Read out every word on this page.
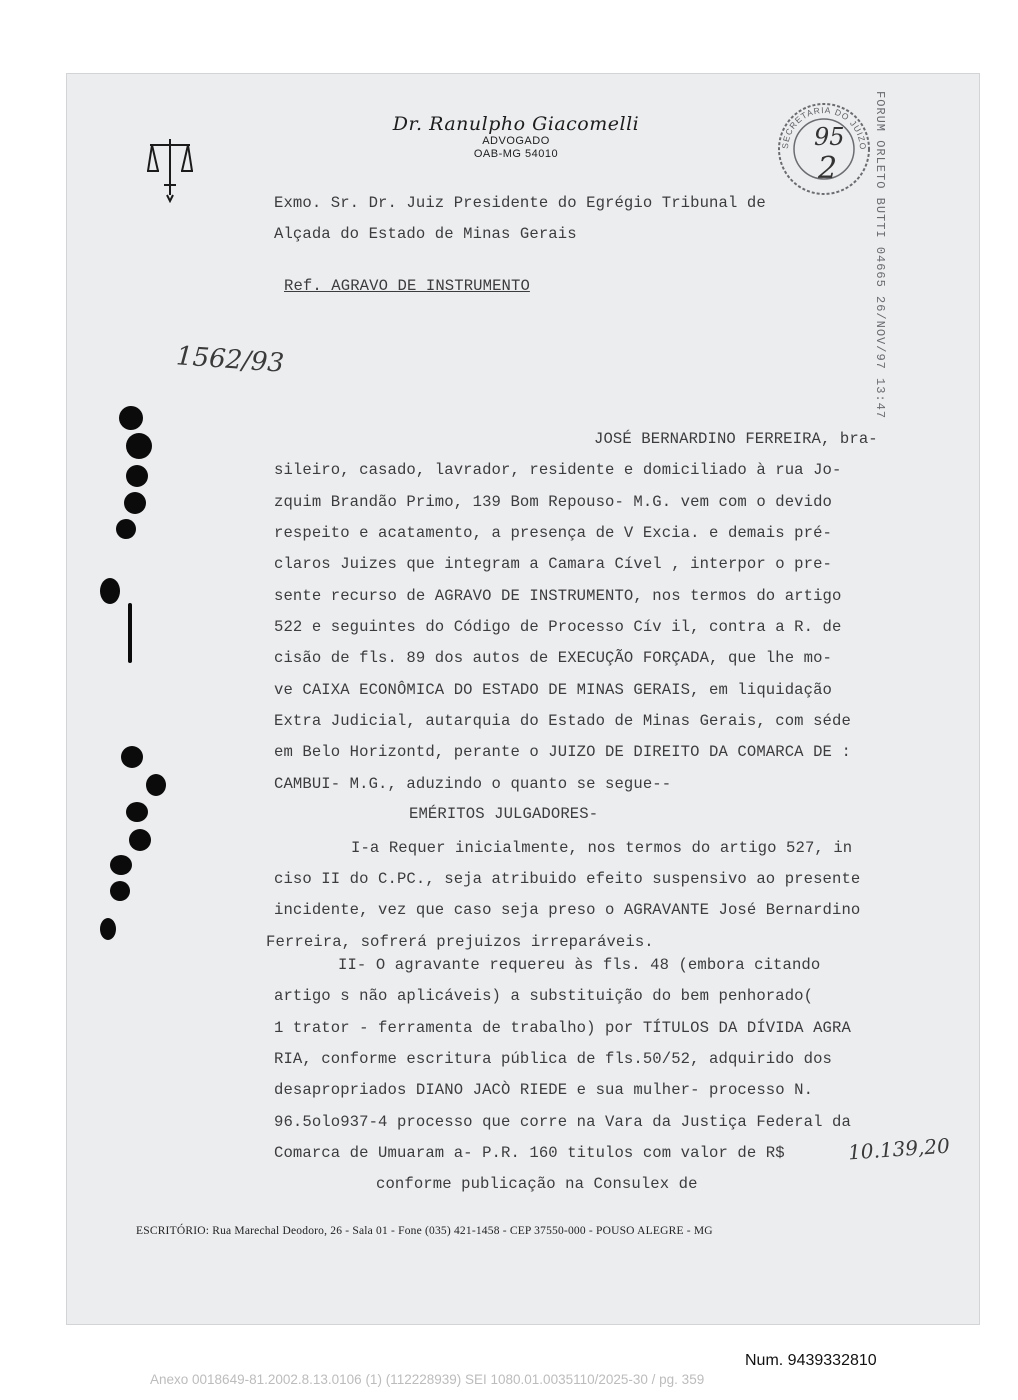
Dr. Ranulpho Giacomelli
ADVOGADO
OAB-MG 54010
SECRETARIA DO JUIZO
95
2	FORUM ORLETO BUTTI 04665 26/NOV/97 13:47
Exmo. Sr. Dr. Juiz Presidente do Egrégio Tribunal de
Alçada do Estado de Minas Gerais
Ref. AGRAVO DE INSTRUMENTO
1562/93
JOSÉ BERNARDINO FERREIRA, bra-
sileiro, casado, lavrador, residente e domiciliado à rua Jo-
zquim Brandão Primo, 139 Bom Repouso- M.G. vem com o devido
respeito e acatamento, a presença de V Excia. e demais pré-
claros Juizes que integram a Camara Cível , interpor o pre-
sente recurso de AGRAVO DE INSTRUMENTO, nos termos do artigo
522 e seguintes do Código de Processo Cív il, contra a R. de
cisão de fls. 89 dos autos de EXECUÇÃO FORÇADA, que lhe mo-
ve CAIXA ECONÔMICA DO ESTADO DE MINAS GERAIS, em liquidação
Extra Judicial, autarquia do Estado de Minas Gerais, com séde
em Belo Horizontd, perante o JUIZO DE DIREITO DA COMARCA DE :
CAMBUI- M.G., aduzindo o quanto se segue--
EMÉRITOS JULGADORES-
I-a Requer inicialmente, nos termos do artigo 527, in
ciso II do C.PC., seja atribuido efeito suspensivo ao presente
incidente, vez que caso seja preso o AGRAVANTE José Bernardino
Ferreira, sofrerá prejuizos irreparáveis.
II- O agravante requereu às fls. 48 (embora citando
artigo s não aplicáveis) a substituição do bem penhorado(
1 trator - ferramenta de trabalho) por TÍTULOS DA DÍVIDA AGRA
RIA, conforme escritura pública de fls.50/52, adquirido dos
desapropriados DIANO JACÒ RIEDE e sua mulher- processo N.
96.5olo937-4 processo que corre na Vara da Justiça Federal da
Comarca de Umuaram a- P.R. 160 titulos com valor de R$	10.139,20
conforme publicação na Consulex de
ESCRITÓRIO: Rua Marechal Deodoro, 26 - Sala 01 - Fone (035) 421-1458 - CEP 37550-000 - POUSO ALEGRE - MG
Num. 9439332810
Anexo 0018649-81.2002.8.13.0106 (1) (112228939) SEI 1080.01.0035110/2025-30 / pg. 359
